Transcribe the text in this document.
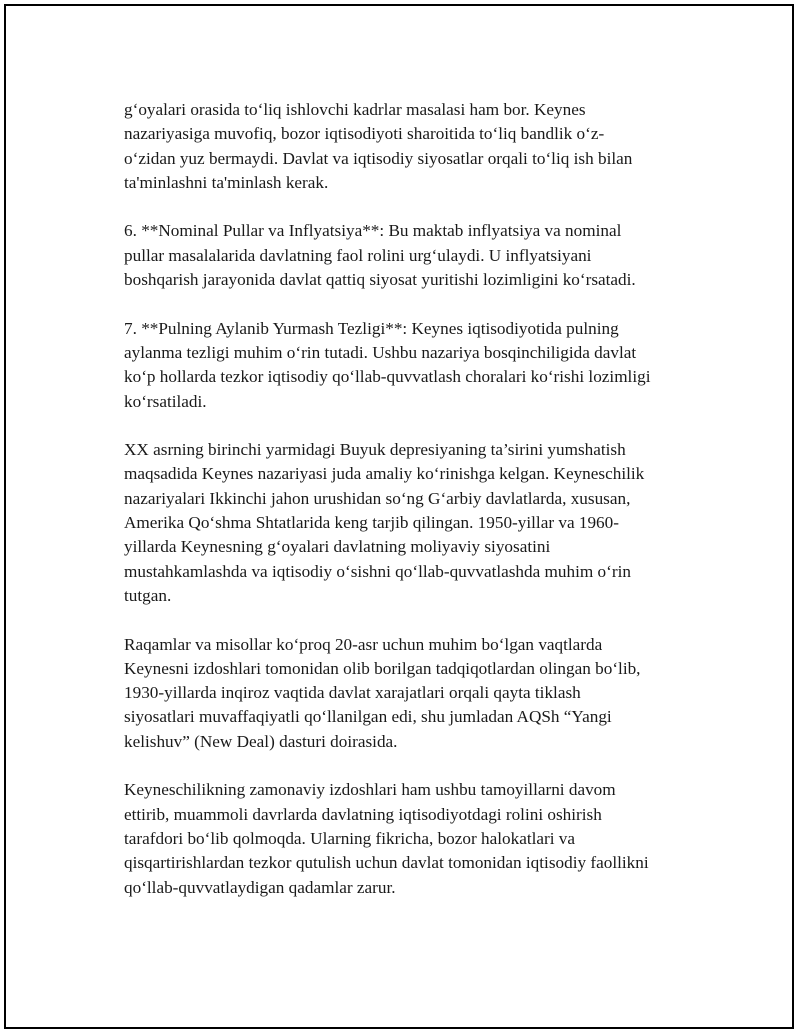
g‘oyalari orasida to‘liq ishlovchi kadrlar masalasi ham bor. Keynes
nazariyasiga muvofiq, bozor iqtisodiyoti sharoitida to‘liq bandlik o‘z-
o‘zidan yuz bermaydi. Davlat va iqtisodiy siyosatlar orqali to‘liq ish bilan
ta'minlashni ta'minlash kerak.

6. **Nominal Pullar va Inflyatsiya**: Bu maktab inflyatsiya va nominal
pullar masalalarida davlatning faol rolini urg‘ulaydi. U inflyatsiyani
boshqarish jarayonida davlat qattiq siyosat yuritishi lozimligini ko‘rsatadi.

7. **Pulning Aylanib Yurmash Tezligi**: Keynes iqtisodiyotida pulning
aylanma tezligi muhim o‘rin tutadi. Ushbu nazariya bosqinchiligida davlat
ko‘p hollarda tezkor iqtisodiy qo‘llab-quvvatlash choralari ko‘rishi lozimligi
ko‘rsatiladi.

XX asrning birinchi yarmidagi Buyuk depresiyaning ta’sirini yumshatish
maqsadida Keynes nazariyasi juda amaliy ko‘rinishga kelgan. Keyneschilik
nazariyalari Ikkinchi jahon urushidan so‘ng G‘arbiy davlatlarda, xususan,
Amerika Qo‘shma Shtatlarida keng tarjib qilingan. 1950-yillar va 1960-
yillarda Keynesning g‘oyalari davlatning moliyaviy siyosatini
mustahkamlashda va iqtisodiy o‘sishni qo‘llab-quvvatlashda muhim o‘rin
tutgan.

Raqamlar va misollar ko‘proq 20-asr uchun muhim bo‘lgan vaqtlarda
Keynesni izdoshlari tomonidan olib borilgan tadqiqotlardan olingan bo‘lib,
1930-yillarda inqiroz vaqtida davlat xarajatlari orqali qayta tiklash
siyosatlari muvaffaqiyatli qo‘llanilgan edi, shu jumladan AQSh “Yangi
kelishuv” (New Deal) dasturi doirasida.

Keyneschilikning zamonaviy izdoshlari ham ushbu tamoyillarni davom
ettirib, muammoli davrlarda davlatning iqtisodiyotdagi rolini oshirish
tarafdori bo‘lib qolmoqda. Ularning fikricha, bozor halokatlari va
qisqartirishlardan tezkor qutulish uchun davlat tomonidan iqtisodiy faollikni
qo‘llab-quvvatlaydigan qadamlar zarur.
